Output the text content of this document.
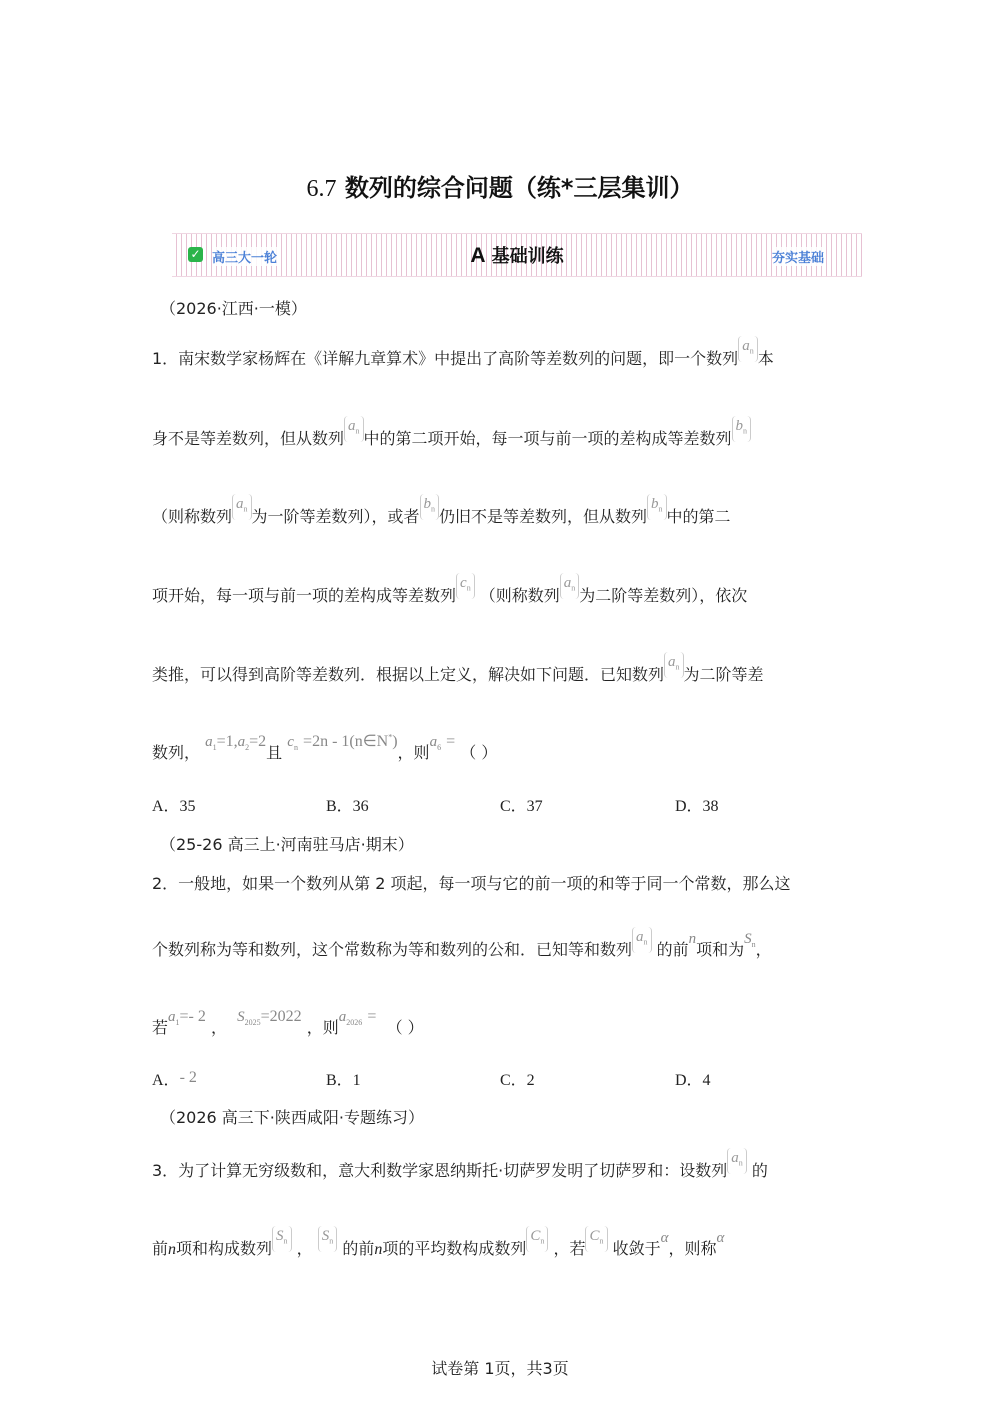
6.7 数列的综合问题（练*三层集训）
✓ 高三大一轮	A 基础训练	夯实基础
（2026·江西·一模）
1．南宋数学家杨辉在《详解九章算术》中提出了高阶等差数列的问题，即一个数列$a_n$ 本
身不是等差数列，但从数列$a_n$ 中的第二项开始，每一项与前一项的差构成等差数列$b_n$
（则称数列$a_n$ 为一阶等差数列），或者$b_n$ 仍旧不是等差数列，但从数列$b_n$ 中的第二
项开始，每一项与前一项的差构成等差数列$c_n$ （则称数列$a_n$ 为二阶等差数列），依次
类推，可以得到高阶等差数列．根据以上定义，解决如下问题．已知数列$a_n$ 为二阶等差
数列， $a_1=1,a_2=2$且 $c_n =2n$ - 1(n∈N*)，则$a_6$ = （ ）
A．35	B．36	C．37	D．38
（25-26 高三上·河南驻马店·期末）
2．一般地，如果一个数列从第 2 项起，每一项与它的前一项的和等于同一个常数，那么这
个数列称为等和数列，这个常数称为等和数列的公和．已知等和数列$a_n$ 的前n项和为$S_n$，
若$a_1=-$ 2 ，  $S_{2025}=2022$ ，则$a_{2026}$ =  （ ）
A．- 2	B．1	C．2	D．4
（2026 高三下·陕西咸阳·专题练习）
3．为了计算无穷级数和，意大利数学家恩纳斯托·切萨罗发明了切萨罗和：设数列$a_n$ 的
前n项和构成数列$S_n$ ， $S_n$ 的前n项的平均数构成数列$C_n$ ，若$C_n$ 收敛于α，则称α
试卷第 1页，共3页
